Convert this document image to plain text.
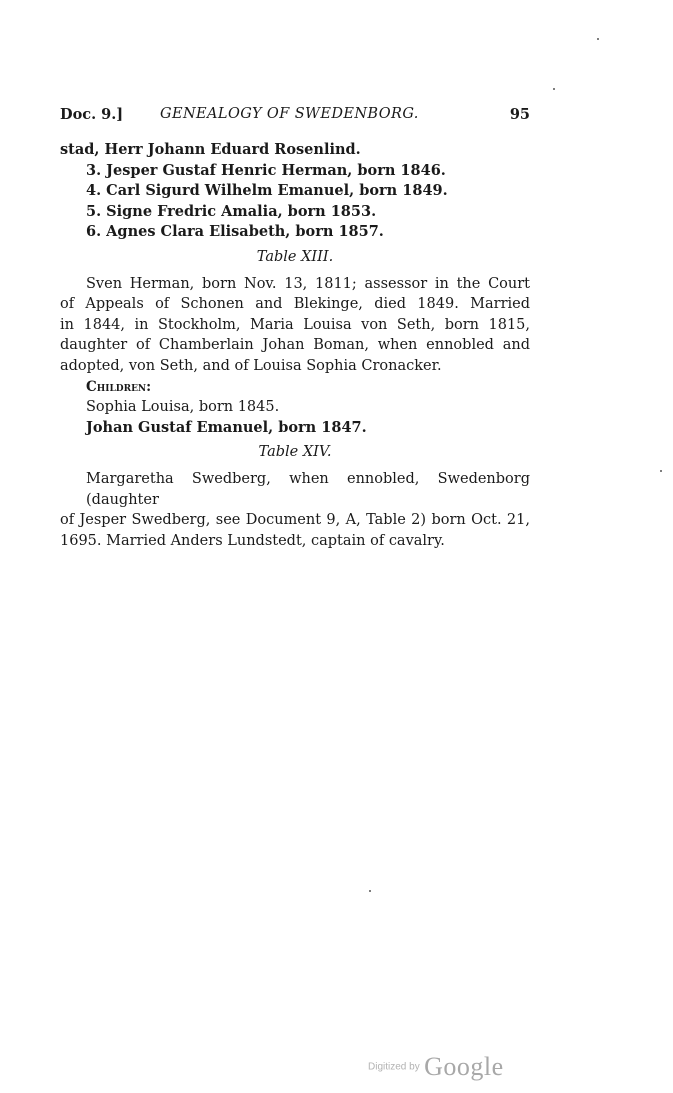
Doc. 9.]	GENEALOGY OF SWEDENBORG.	95
stad, Herr Johann Eduard Rosenlind.
3. Jesper Gustaf Henric Herman, born 1846.
4. Carl Sigurd Wilhelm Emanuel, born 1849.
5. Signe Fredric Amalia, born 1853.
6. Agnes Clara Elisabeth, born 1857.
Table XIII.
Sven Herman, born Nov. 13, 1811; assessor in the Court
of Appeals of Schonen and Blekinge, died 1849. Married
in 1844, in Stockholm, Maria Louisa von Seth, born 1815,
daughter of Chamberlain Johan Boman, when ennobled and
adopted, von Seth, and of Louisa Sophia Cronacker.
Children:
Sophia Louisa, born 1845.
Johan Gustaf Emanuel, born 1847.
Table XIV.
Margaretha Swedberg, when ennobled, Swedenborg (daughter
of Jesper Swedberg, see Document 9, A, Table 2) born Oct. 21,
1695. Married Anders Lundstedt, captain of cavalry.
Digitized by Google
